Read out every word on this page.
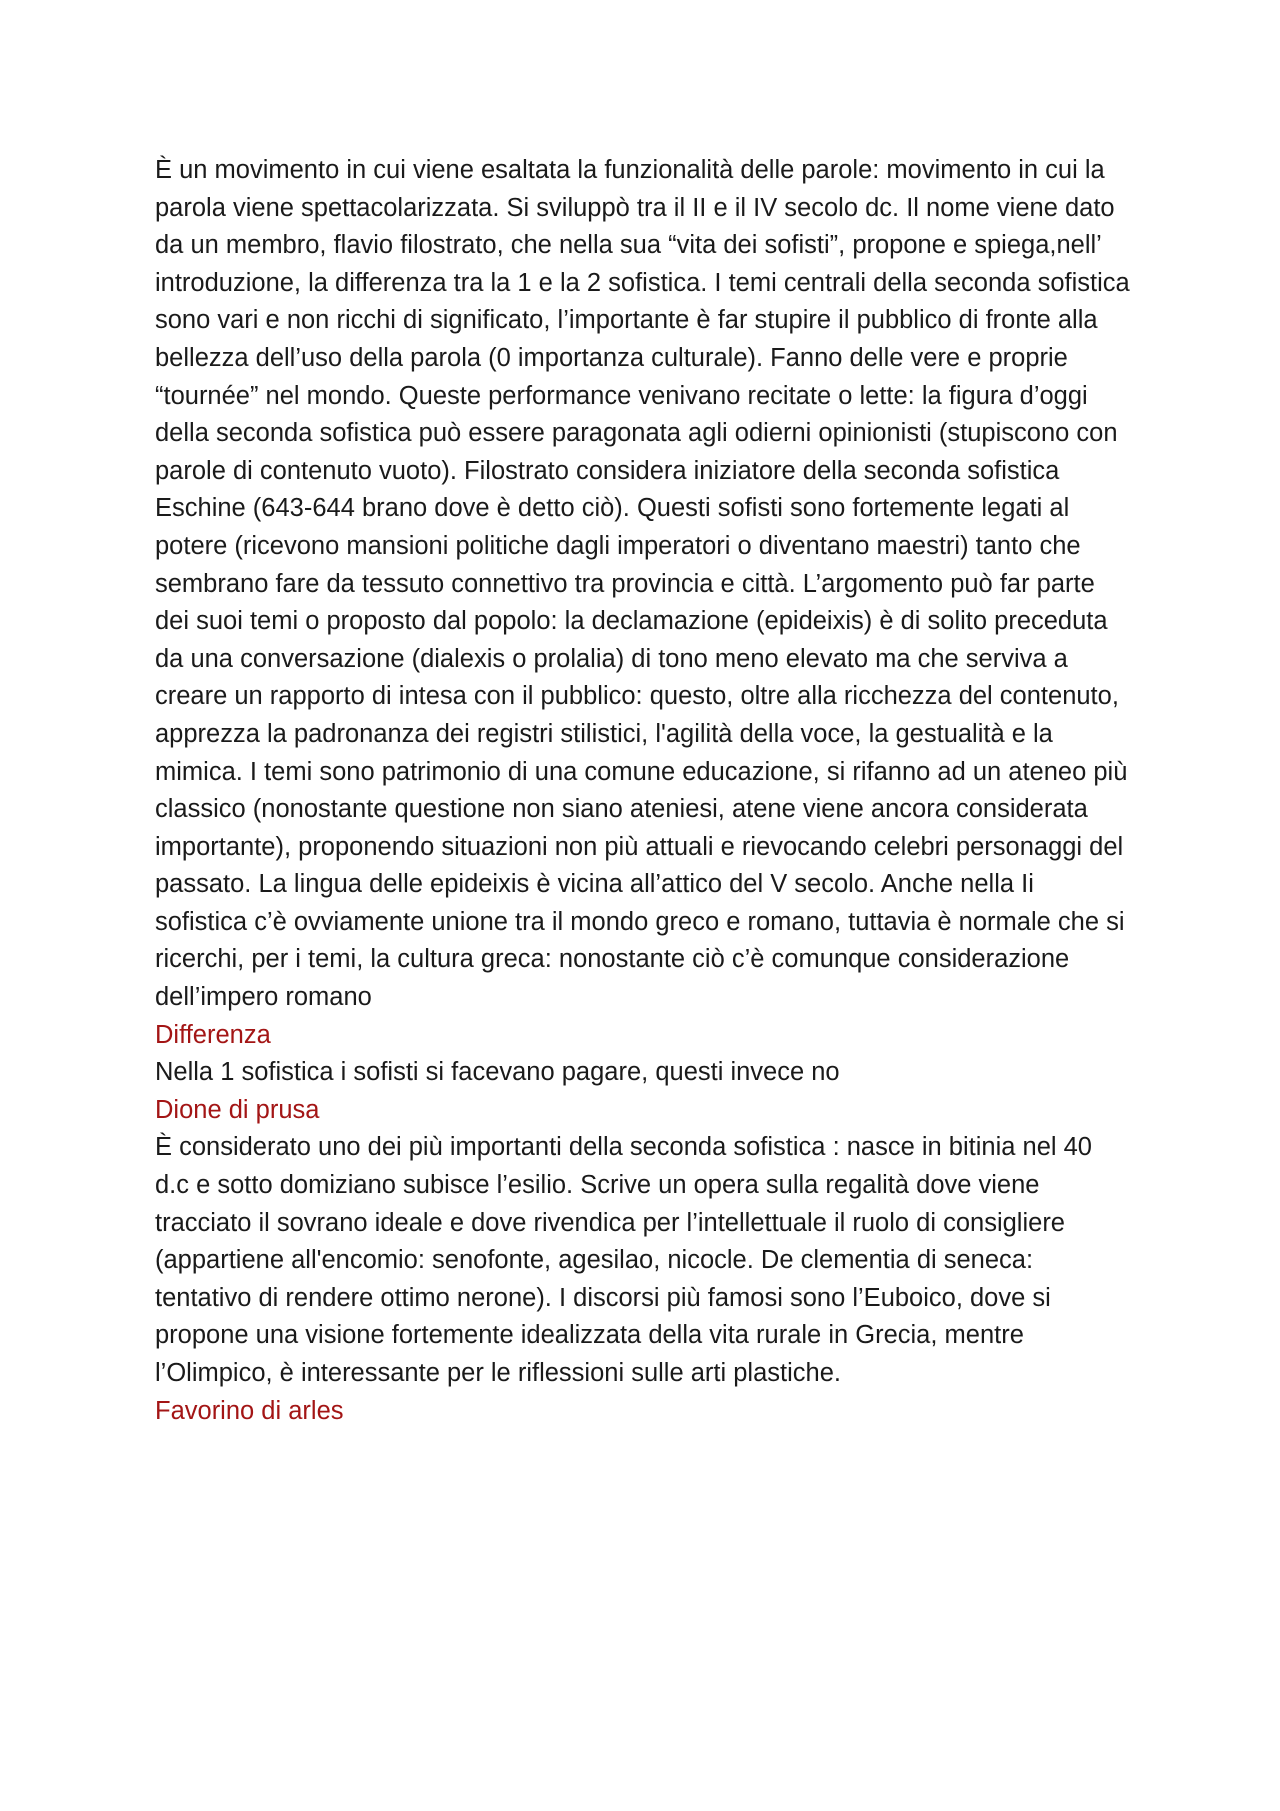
È un movimento in cui viene esaltata la funzionalità delle parole: movimento in cui la parola viene spettacolarizzata. Si sviluppò tra il II e il IV secolo dc. Il nome viene dato da un membro, flavio filostrato, che nella sua “vita dei sofisti”, propone e spiega,nell’ introduzione, la differenza tra la 1 e la 2 sofistica. I temi centrali della seconda sofistica sono vari e non ricchi di significato, l’importante è far stupire il pubblico di fronte alla bellezza dell’uso della parola (0 importanza culturale). Fanno delle vere e proprie “tournée” nel mondo. Queste performance venivano recitate o lette: la figura d’oggi della seconda sofistica può essere paragonata agli odierni opinionisti (stupiscono con parole di contenuto vuoto). Filostrato considera iniziatore della seconda sofistica Eschine (643-644 brano dove è detto ciò). Questi sofisti sono fortemente legati al potere (ricevono mansioni politiche dagli imperatori o diventano maestri) tanto che sembrano fare da tessuto connettivo tra provincia e città. L’argomento può far parte dei suoi temi o proposto dal popolo: la declamazione (epideixis) è di solito preceduta da una conversazione (dialexis o prolalia) di tono meno elevato ma che serviva a creare un rapporto di intesa con il pubblico: questo, oltre alla ricchezza del contenuto, apprezza la padronanza dei registri stilistici, l'agilità della voce, la gestualità e la mimica. I temi sono patrimonio di una comune educazione, si rifanno ad un ateneo più classico (nonostante questione non siano ateniesi, atene viene ancora considerata importante), proponendo situazioni non più attuali e rievocando celebri personaggi del passato. La lingua delle epideixis è vicina all’attico del V secolo. Anche nella Ii sofistica c’è ovviamente unione tra il mondo greco e romano, tuttavia è normale che si ricerchi, per i temi, la cultura greca: nonostante ciò c’è comunque considerazione dell’impero romano

Differenza

Nella 1 sofistica i sofisti si facevano pagare, questi invece no

Dione di prusa

È considerato uno dei più importanti della seconda sofistica : nasce in bitinia nel 40 d.c e sotto domiziano subisce l’esilio. Scrive un opera sulla regalità dove viene tracciato il sovrano ideale e dove rivendica per l’intellettuale il ruolo di consigliere (appartiene all'encomio: senofonte, agesilao, nicocle. De clementia di seneca: tentativo di rendere ottimo nerone). I discorsi più famosi sono l’Euboico, dove si propone una visione fortemente idealizzata della vita rurale in Grecia, mentre l’Olimpico, è interessante per le riflessioni sulle arti plastiche.

Favorino di arles
